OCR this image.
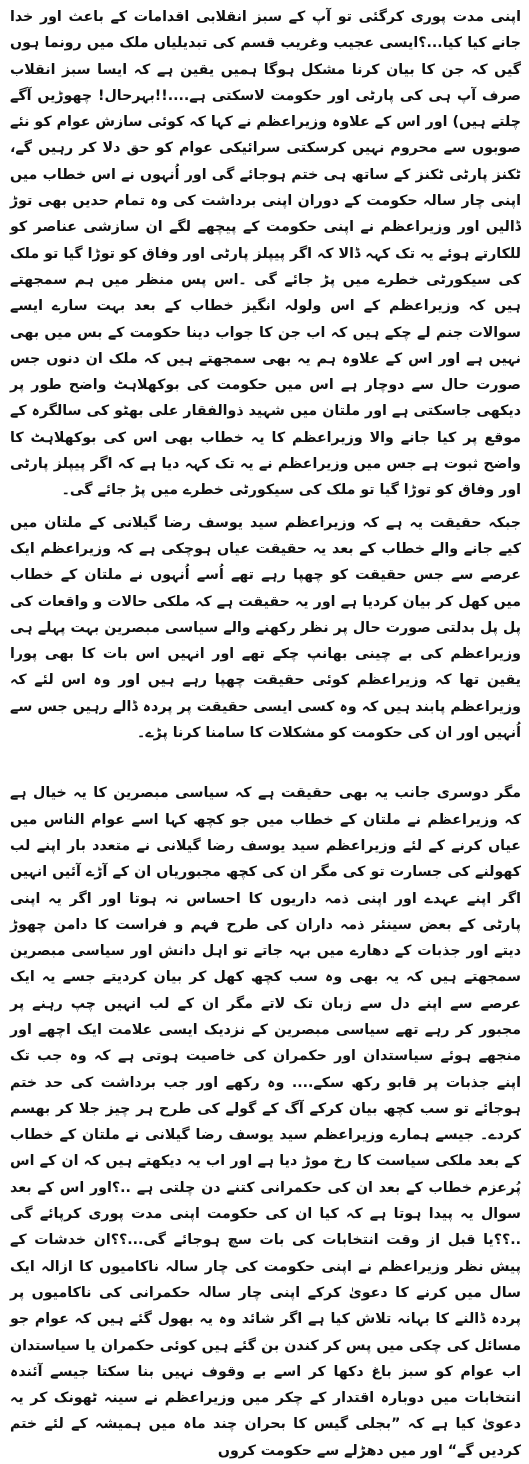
اپنی مدت پوری کرگئی تو آپ کے سبز انقلابی اقدامات کے باعث اور خدا جانے کیا کیا...؟ایسی عجیب وغریب قسم کی تبدیلیاں ملک میں رونما ہوں گیں کہ جن کا بیان کرنا مشکل ہوگا ہمیں یقین ہے کہ ایسا سبز انقلاب صرف آپ ہی کی پارٹی اور حکومت لاسکتی ہے....!!بہرحال! چھوڑیں آگے چلتے ہیں) اور اس کے علاوہ وزیراعظم نے کہا کہ کوئی سازش عوام کو نئے صوبوں سے محروم نہیں کرسکتی سرائیکی عوام کو حق دلا کر رہیں گے، ٹکنز پارٹی ٹکنز کے ساتھ ہی ختم ہوجائے گی اور اُنہوں نے اس خطاب میں اپنی چار سالہ حکومت کے دوران اپنی برداشت کی وہ تمام حدیں بھی توڑ ڈالیں اور وزیراعظم نے اپنی حکومت کے پیچھے لگے ان سازشی عناصر کو للکارتے ہوئے یہ تک کہہ ڈالا کہ اگر پیپلز پارٹی اور وفاق کو توڑا گیا تو ملک کی سیکورٹی خطرے میں پڑ جائے گی ۔اس پس منظر میں ہم سمجھتے ہیں کہ وزیراعظم کے اس ولولہ انگیز خطاب کے بعد بہت سارے ایسے سوالات جنم لے چکے ہیں کہ اب جن کا جواب دینا حکومت کے بس میں بھی نہیں ہے اور اس کے علاوہ ہم یہ بھی سمجھتے ہیں کہ ملک ان دنوں جس صورت حال سے دوچار ہے اس میں حکومت کی بوکھلاہٹ واضح طور پر دیکھی جاسکتی ہے اور ملتان میں شہید ذوالفقار علی بھٹو کی سالگرہ کے موقع پر کیا جانے والا وزیراعظم کا یہ خطاب بھی اس کی بوکھلاہٹ کا واضح ثبوت ہے جس میں وزیراعظم نے یہ تک کہہ دیا ہے کہ اگر پیپلز پارٹی اور وفاق کو توڑا گیا تو ملک کی سیکورٹی خطرے میں پڑ جائے گی۔

جبکہ حقیقت یہ ہے کہ وزیراعظم سید یوسف رضا گیلانی کے ملتان میں کیے جانے والے خطاب کے بعد یہ حقیقت عیاں ہوچکی ہے کہ وزیراعظم ایک عرصے سے جس حقیقت کو چھپا رہے تھے اُسے اُنہوں نے ملتان کے خطاب میں کھل کر بیان کردیا ہے اور یہ حقیقت ہے کہ ملکی حالات و واقعات کی پل پل بدلتی صورت حال پر نظر رکھنے والے سیاسی مبصرین بہت پہلے ہی وزیراعظم کی بے چینی بھانپ چکے تھے اور انہیں اس بات کا بھی پورا یقین تھا کہ وزیراعظم کوئی حقیقت چھپا رہے ہیں اور وہ اس لئے کہ وزیراعظم پابند ہیں کہ وہ کسی ایسی حقیقت پر پردہ ڈالے رہیں جس سے اُنہیں اور ان کی حکومت کو مشکلات کا سامنا کرنا پڑے۔

مگر دوسری جانب یہ بھی حقیقت ہے کہ سیاسی مبصرین کا یہ خیال ہے کہ وزیراعظم نے ملتان کے خطاب میں جو کچھ کہا اسے عوام الناس میں عیاں کرنے کے لئے وزیراعظم سید یوسف رضا گیلانی نے متعدد بار اپنے لب کھولنے کی جسارت تو کی مگر ان کی کچھ مجبوریاں ان کے آڑے آئیں انہیں اگر اپنے عہدے اور اپنی ذمہ داریوں کا احساس نہ ہوتا اور اگر یہ اپنی پارٹی کے بعض سینئر ذمہ داران کی طرح فہم و فراست کا دامن چھوڑ دیتے اور جذبات کے دھارے میں بہہ جاتے تو اہل دانش اور سیاسی مبصرین سمجھتے ہیں کہ یہ بھی وہ سب کچھ کھل کر بیان کردیتے جسے یہ ایک عرصے سے اپنے دل سے زبان تک لاتے مگر ان کے لب انہیں چپ رہنے پر مجبور کر رہے تھے سیاسی مبصرین کے نزدیک ایسی علامت ایک اچھے اور منجھے ہوئے سیاستدان اور حکمران کی خاصیت ہوتی ہے کہ وہ جب تک اپنے جذبات پر قابو رکھ سکے.... وہ رکھے اور جب برداشت کی حد ختم ہوجائے تو سب کچھ بیان کرکے آگ کے گولے کی طرح ہر چیز جلا کر بھسم کردے۔ جیسے ہمارے وزیراعظم سید یوسف رضا گیلانی نے ملتان کے خطاب کے بعد ملکی سیاست کا رخ موڑ دیا ہے اور اب یہ دیکھتے ہیں کہ ان کے اس پُرعزم خطاب کے بعد ان کی حکمرانی کتنے دن چلتی ہے ..؟اور اس کے بعد سوال یہ پیدا ہوتا ہے کہ کیا ان کی حکومت اپنی مدت پوری کرپائے گی ..؟؟یا قبل از وقت انتخابات کی بات سچ ہوجائے گی...؟؟ان خدشات کے پیش نظر وزیراعظم نے اپنی حکومت کی چار سالہ ناکامیوں کا ازالہ ایک سال میں کرنے کا دعویٰ کرکے اپنی چار سالہ حکمرانی کی ناکامیوں پر پردہ ڈالنے کا بہانہ تلاش کیا ہے اگر شائد وہ یہ بھول گئے ہیں کہ عوام جو مسائل کی چکی میں پس کر کندن بن گئے ہیں کوئی حکمران یا سیاستدان اب عوام کو سبز باغ دکھا کر اسے بے وقوف نہیں بنا سکتا جیسے آئندہ انتخابات میں دوبارہ اقتدار کے چکر میں وزیراعظم نے سینہ ٹھونک کر یہ دعویٰ کیا ہے کہ ”بجلی گیس کا بحران چند ماہ میں ہمیشہ کے لئے ختم کردیں گے“ اور میں دھڑلے سے حکومت کروں
